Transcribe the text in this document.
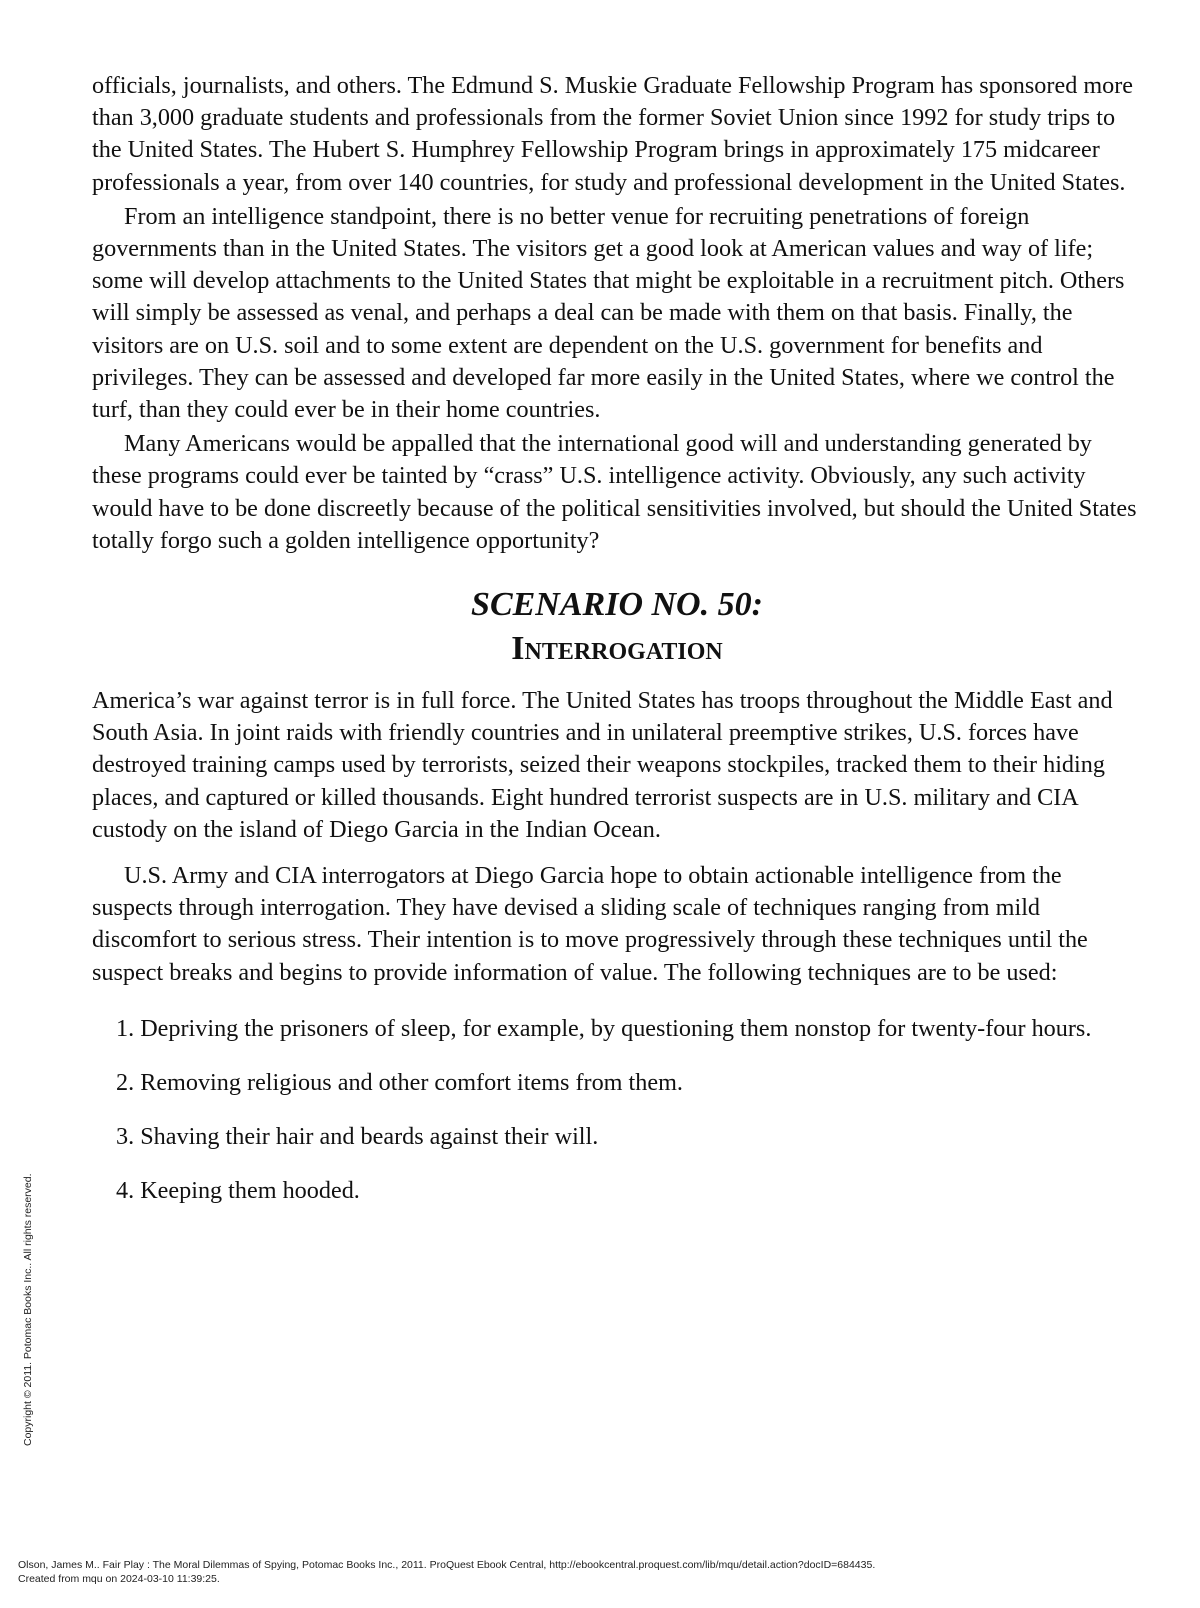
officials, journalists, and others. The Edmund S. Muskie Graduate Fellowship Program has sponsored more than 3,000 graduate students and professionals from the former Soviet Union since 1992 for study trips to the United States. The Hubert S. Humphrey Fellowship Program brings in approximately 175 midcareer professionals a year, from over 140 countries, for study and professional development in the United States.

From an intelligence standpoint, there is no better venue for recruiting penetrations of foreign governments than in the United States. The visitors get a good look at American values and way of life; some will develop attachments to the United States that might be exploitable in a recruitment pitch. Others will simply be assessed as venal, and perhaps a deal can be made with them on that basis. Finally, the visitors are on U.S. soil and to some extent are dependent on the U.S. government for benefits and privileges. They can be assessed and developed far more easily in the United States, where we control the turf, than they could ever be in their home countries.

Many Americans would be appalled that the international good will and understanding generated by these programs could ever be tainted by “crass” U.S. intelligence activity. Obviously, any such activity would have to be done discreetly because of the political sensitivities involved, but should the United States totally forgo such a golden intelligence opportunity?

SCENARIO NO. 50:
Interrogation

America’s war against terror is in full force. The United States has troops throughout the Middle East and South Asia. In joint raids with friendly countries and in unilateral preemptive strikes, U.S. forces have destroyed training camps used by terrorists, seized their weapons stockpiles, tracked them to their hiding places, and captured or killed thousands. Eight hundred terrorist suspects are in U.S. military and CIA custody on the island of Diego Garcia in the Indian Ocean.

U.S. Army and CIA interrogators at Diego Garcia hope to obtain actionable intelligence from the suspects through interrogation. They have devised a sliding scale of techniques ranging from mild discomfort to serious stress. Their intention is to move progressively through these techniques until the suspect breaks and begins to provide information of value. The following techniques are to be used:

1. Depriving the prisoners of sleep, for example, by questioning them nonstop for twenty-four hours.
2. Removing religious and other comfort items from them.
3. Shaving their hair and beards against their will.
4. Keeping them hooded.
Copyright © 2011. Potomac Books Inc.. All rights reserved.
Olson, James M.. Fair Play : The Moral Dilemmas of Spying, Potomac Books Inc., 2011. ProQuest Ebook Central, http://ebookcentral.proquest.com/lib/mqu/detail.action?docID=684435.
Created from mqu on 2024-03-10 11:39:25.
